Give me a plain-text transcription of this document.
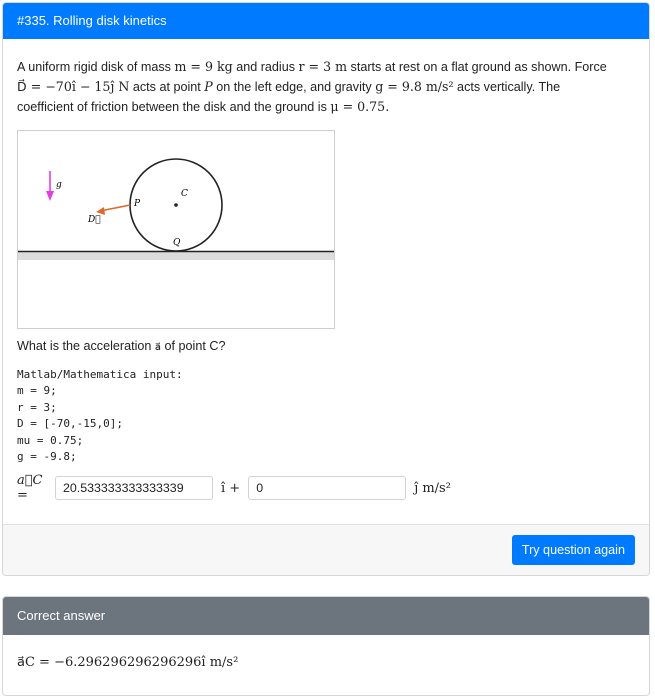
#335. Rolling disk kinetics

A uniform rigid disk of mass m = 9 kg and radius r = 3 m starts at rest on a flat ground as shown. Force
D⃗ = −70ı̂ − 15ȷ̂ N acts at point P on the left edge, and gravity g = 9.8 m/s² acts vertically. The
coefficient of friction between the disk and the ground is μ = 0.75.

g
D⃗
P
C
Q
What is the acceleration a⃗ of point C?
Matlab/Mathematica input:
m = 9;
r = 3;
D = [-70,-15,0];
mu = 0.75;
g = -9.8;
a⃗C =
20.533333333333339	ı̂ +
0	ȷ̂ m/s²
Try question again
Correct answer
a⃗C = −6.296296296296296ı̂ m/s²
